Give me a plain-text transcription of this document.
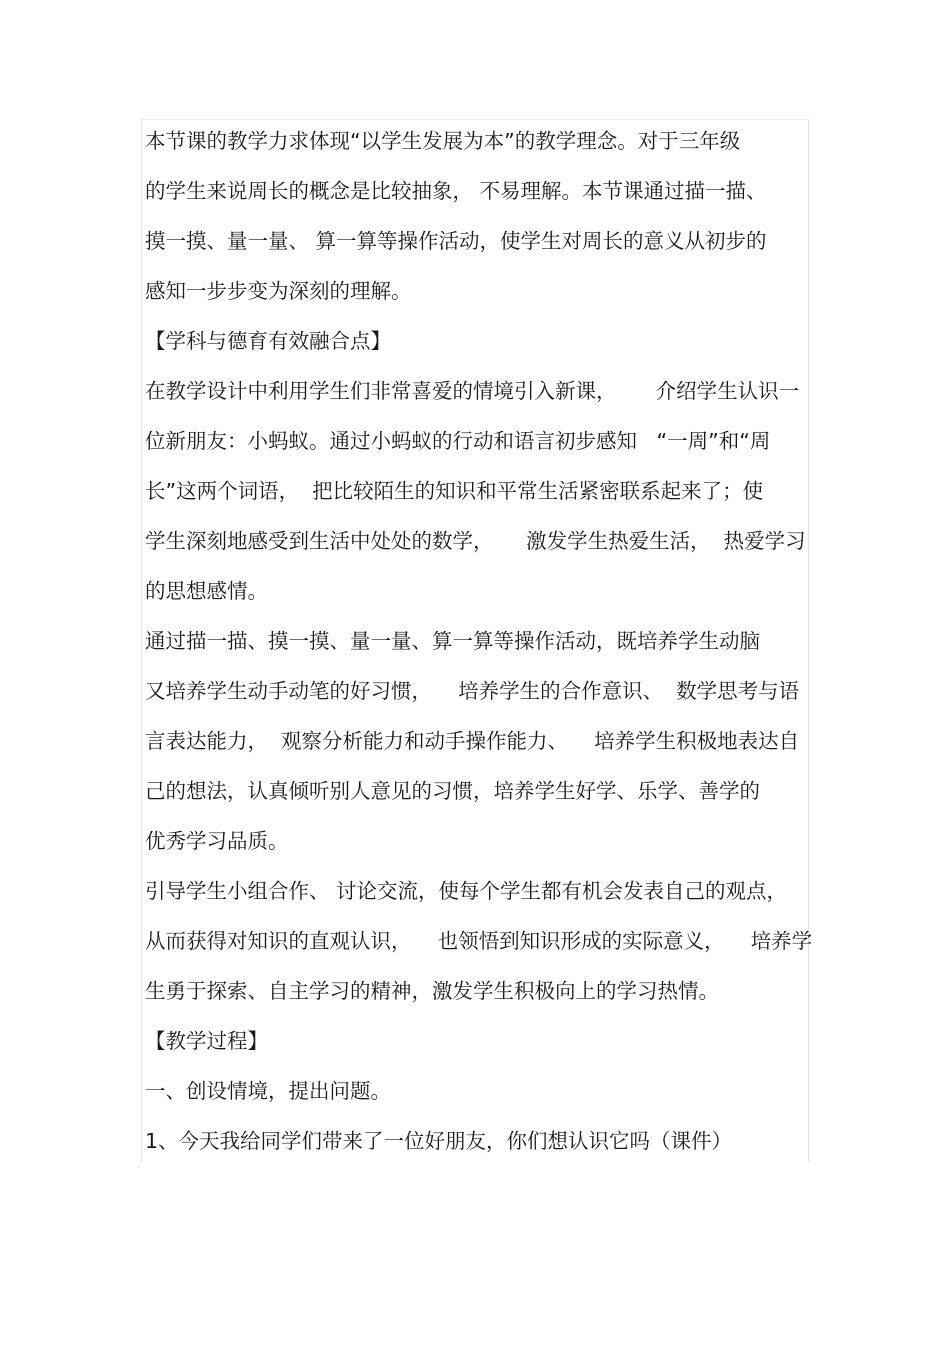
本节课的教学力求体现“以学生发展为本”的教学理念。对于三年级
的学生来说周长的概念是比较抽象， 不易理解。本节课通过描一描、
摸一摸、量一量、 算一算等操作活动，使学生对周长的意义从初步的
感知一步步变为深刻的理解。
【学科与德育有效融合点】
在教学设计中利用学生们非常喜爱的情境引入新课，      介绍学生认识一
位新朋友：小蚂蚁。通过小蚂蚁的行动和语言初步感知   “一周”和“周
长”这两个词语，  把比较陌生的知识和平常生活紧密联系起来了；使
学生深刻地感受到生活中处处的数学，     激发学生热爱生活，  热爱学习
的思想感情。
通过描一描、摸一摸、量一量、算一算等操作活动，既培养学生动脑
又培养学生动手动笔的好习惯，    培养学生的合作意识、  数学思考与语
言表达能力，  观察分析能力和动手操作能力、    培养学生积极地表达自
己的想法，认真倾听别人意见的习惯，培养学生好学、乐学、善学的
优秀学习品质。
引导学生小组合作、 讨论交流，使每个学生都有机会发表自己的观点，
从而获得对知识的直观认识，    也领悟到知识形成的实际意义，    培养学
生勇于探索、自主学习的精神，激发学生积极向上的学习热情。
【教学过程】
一、创设情境，提出问题。
1、今天我给同学们带来了一位好朋友，你们想认识它吗（课件）
